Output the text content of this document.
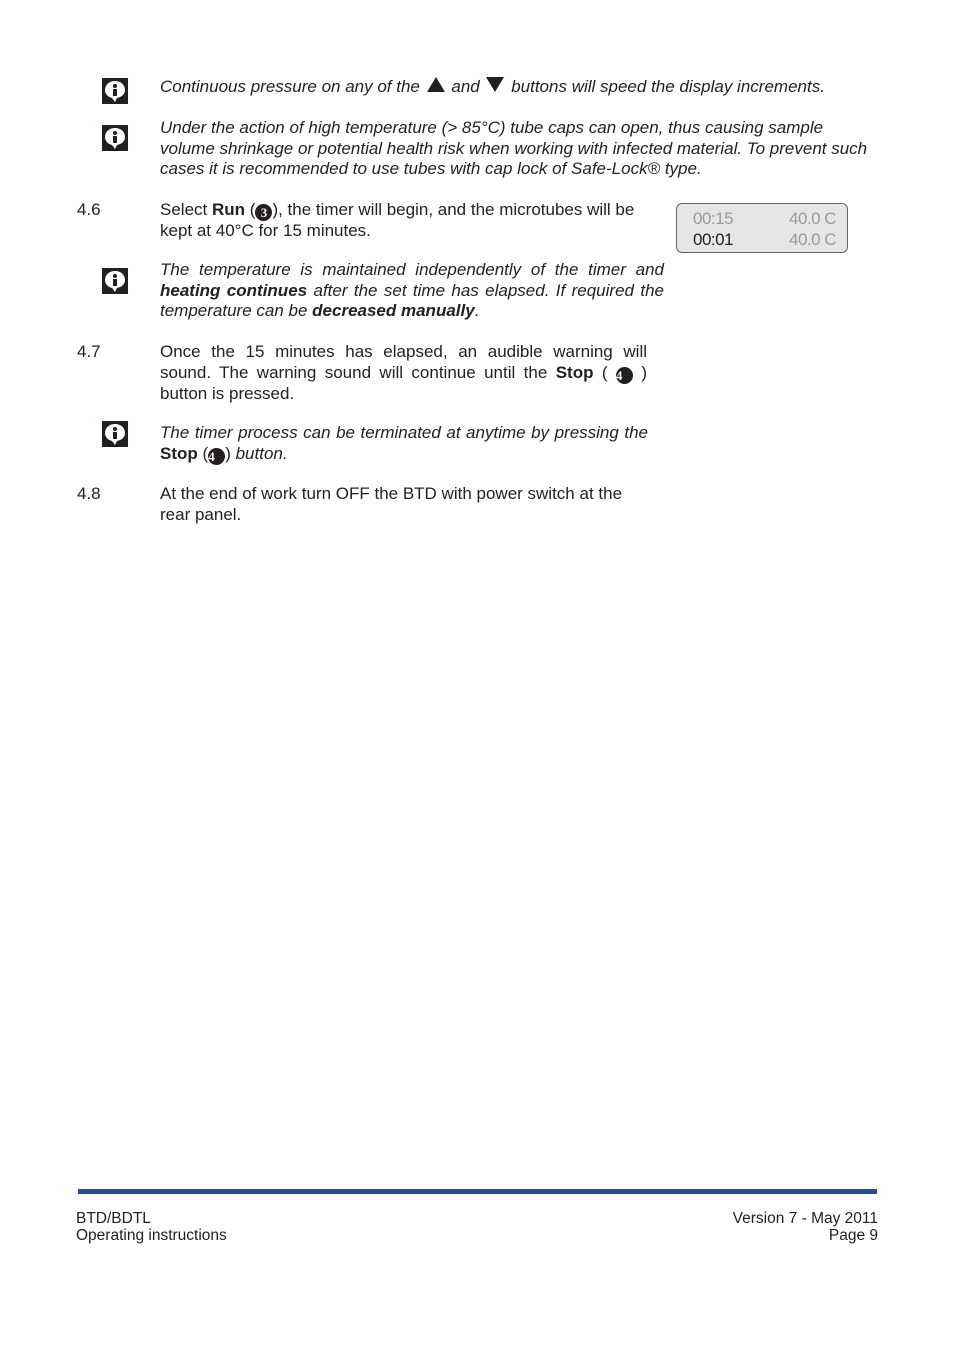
Continuous pressure on any of the and buttons will speed the display increments.
Under the action of high temperature (> 85°C) tube caps can open, thus causing sample volume shrinkage or potential health risk when working with infected material. To prevent such cases it is recommended to use tubes with cap lock of Safe-Lock® type.
4.6	Select Run ( 3 ), the timer will begin, and the microtubes will be kept at 40°C for 15 minutes.
00:15	40.0 C
00:01	40.0 C
The temperature is maintained independently of the timer and heating continues after the set time has elapsed. If required the temperature can be decreased manually.
4.7	Once the 15 minutes has elapsed, an audible warning will sound. The warning sound will continue until the Stop ( 4 ) button is pressed.
The timer process can be terminated at anytime by pressing the Stop (4 ) button.
4.8	At the end of work turn OFF the BTD with power switch at the rear panel.
BTD/BDTL
Operating instructions
Version 7 - May 2011
Page 9
